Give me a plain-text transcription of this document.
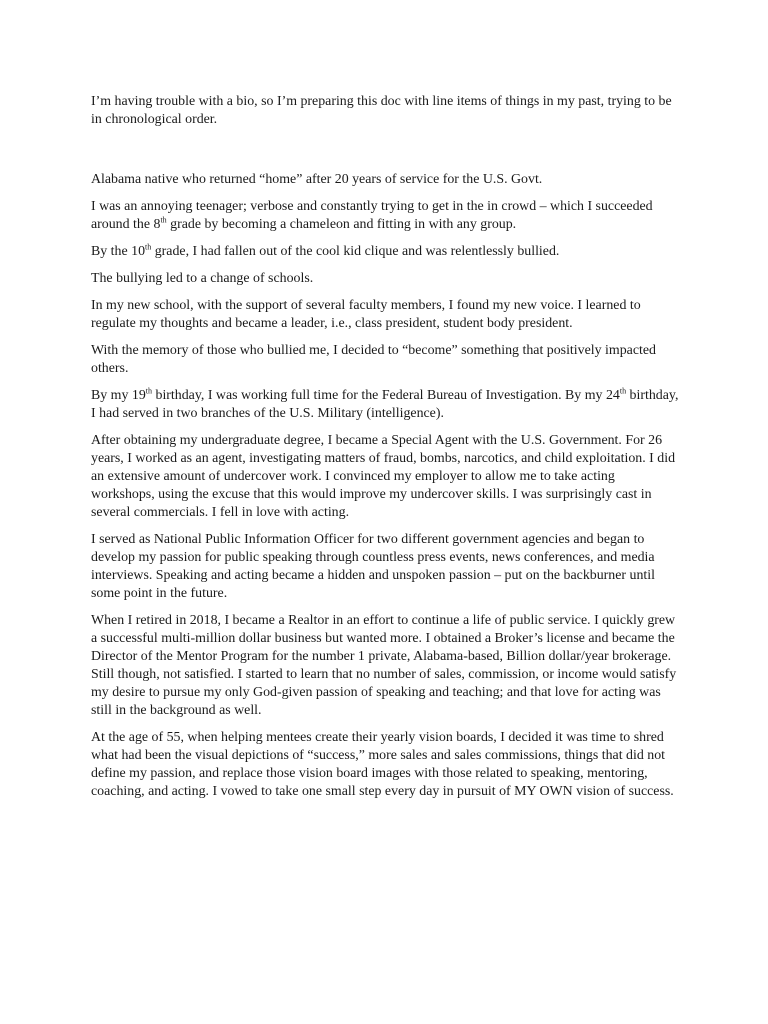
I’m having trouble with a bio, so I’m preparing this doc with line items of things in my past, trying to be in chronological order.

Alabama native who returned “home” after 20 years of service for the U.S. Govt.

I was an annoying teenager; verbose and constantly trying to get in the in crowd – which I succeeded around the 8th grade by becoming a chameleon and fitting in with any group.

By the 10th grade, I had fallen out of the cool kid clique and was relentlessly bullied.

The bullying led to a change of schools.

In my new school, with the support of several faculty members, I found my new voice. I learned to regulate my thoughts and became a leader, i.e., class president, student body president.

With the memory of those who bullied me, I decided to “become” something that positively impacted others.

By my 19th birthday, I was working full time for the Federal Bureau of Investigation. By my 24th birthday, I had served in two branches of the U.S. Military (intelligence).

After obtaining my undergraduate degree, I became a Special Agent with the U.S. Government. For 26 years, I worked as an agent, investigating matters of fraud, bombs, narcotics, and child exploitation. I did an extensive amount of undercover work. I convinced my employer to allow me to take acting workshops, using the excuse that this would improve my undercover skills. I was surprisingly cast in several commercials. I fell in love with acting.

I served as National Public Information Officer for two different government agencies and began to develop my passion for public speaking through countless press events, news conferences, and media interviews. Speaking and acting became a hidden and unspoken passion – put on the backburner until some point in the future.

When I retired in 2018, I became a Realtor in an effort to continue a life of public service. I quickly grew a successful multi-million dollar business but wanted more. I obtained a Broker’s license and became the Director of the Mentor Program for the number 1 private, Alabama-based, Billion dollar/year brokerage. Still though, not satisfied. I started to learn that no number of sales, commission, or income would satisfy my desire to pursue my only God-given passion of speaking and teaching; and that love for acting was still in the background as well.

At the age of 55, when helping mentees create their yearly vision boards, I decided it was time to shred what had been the visual depictions of “success,” more sales and sales commissions, things that did not define my passion, and replace those vision board images with those related to speaking, mentoring, coaching, and acting. I vowed to take one small step every day in pursuit of MY OWN vision of success.
